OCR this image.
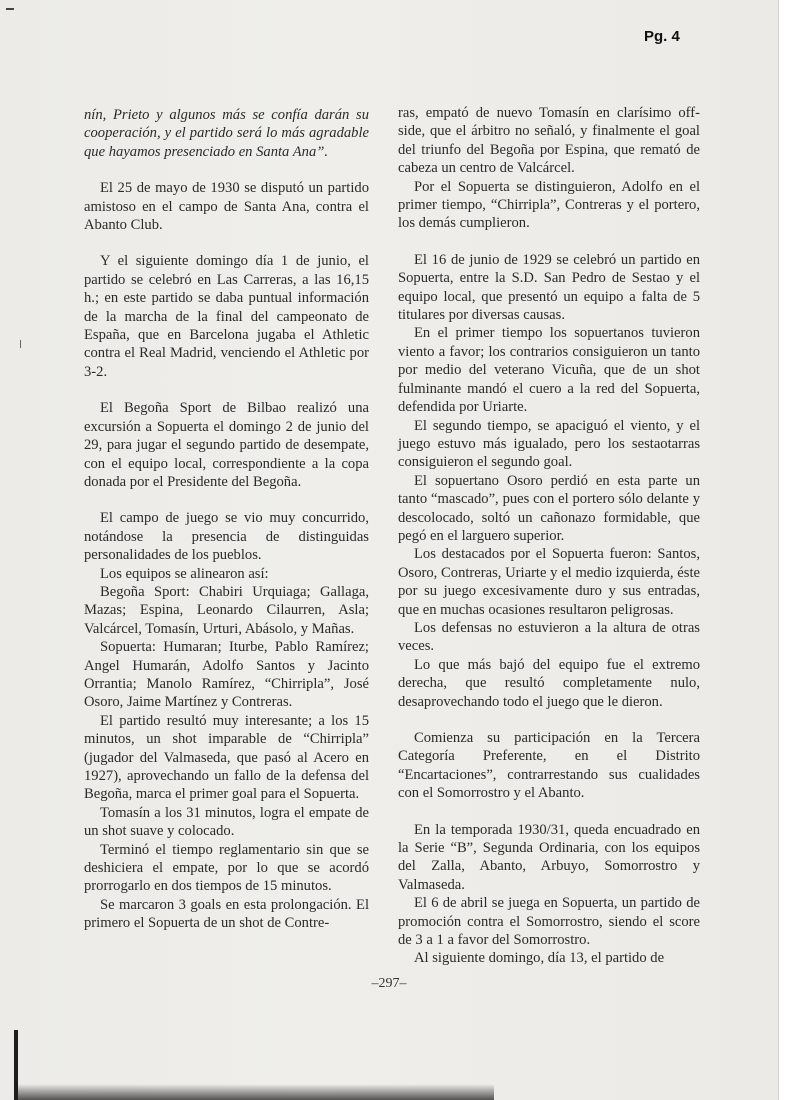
Pg. 4

nín, Prieto y algunos más se confía darán su cooperación, y el partido será lo más agradable que hayamos presenciado en Santa Ana”.

El 25 de mayo de 1930 se disputó un partido amistoso en el campo de Santa Ana, contra el Abanto Club.

Y el siguiente domingo día 1 de junio, el partido se celebró en Las Carreras, a las 16,15 h.; en este partido se daba puntual información de la marcha de la final del campeonato de España, que en Barcelona jugaba el Athletic contra el Real Madrid, venciendo el Athletic por 3-2.

El Begoña Sport de Bilbao realizó una excursión a Sopuerta el domingo 2 de junio del 29, para jugar el segundo partido de desempate, con el equipo local, correspondiente a la copa donada por el Presidente del Begoña.

El campo de juego se vio muy concurrido, notándose la presencia de distinguidas personalidades de los pueblos.

Los equipos se alinearon así:

Begoña Sport: Chabiri Urquiaga; Gallaga, Mazas; Espina, Leonardo Cilaurren, Asla; Valcárcel, Tomasín, Urturi, Abásolo, y Mañas.

Sopuerta: Humaran; Iturbe, Pablo Ramírez; Angel Humarán, Adolfo Santos y Jacinto Orrantia; Manolo Ramírez, “Chirripla”, José Osoro, Jaime Martínez y Contreras.

El partido resultó muy interesante; a los 15 minutos, un shot imparable de “Chirripla” (jugador del Valmaseda, que pasó al Acero en 1927), aprovechando un fallo de la defensa del Begoña, marca el primer goal para el Sopuerta.

Tomasín a los 31 minutos, logra el empate de un shot suave y colocado.

Terminó el tiempo reglamentario sin que se deshiciera el empate, por lo que se acordó prorrogarlo en dos tiempos de 15 minutos.

Se marcaron 3 goals en esta prolongación. El primero el Sopuerta de un shot de Contre-

ras, empató de nuevo Tomasín en clarísimo off-side, que el árbitro no señaló, y finalmente el goal del triunfo del Begoña por Espina, que remató de cabeza un centro de Valcárcel.

Por el Sopuerta se distinguieron, Adolfo en el primer tiempo, “Chirripla”, Contreras y el portero, los demás cumplieron.

El 16 de junio de 1929 se celebró un partido en Sopuerta, entre la S.D. San Pedro de Sestao y el equipo local, que presentó un equipo a falta de 5 titulares por diversas causas.

En el primer tiempo los sopuertanos tuvieron viento a favor; los contrarios consiguieron un tanto por medio del veterano Vicuña, que de un shot fulminante mandó el cuero a la red del Sopuerta, defendida por Uriarte.

El segundo tiempo, se apaciguó el viento, y el juego estuvo más igualado, pero los sestaotarras consiguieron el segundo goal.

El sopuertano Osoro perdió en esta parte un tanto “mascado”, pues con el portero sólo delante y descolocado, soltó un cañonazo formidable, que pegó en el larguero superior.

Los destacados por el Sopuerta fueron: Santos, Osoro, Contreras, Uriarte y el medio izquierda, éste por su juego excesivamente duro y sus entradas, que en muchas ocasiones resultaron peligrosas.

Los defensas no estuvieron a la altura de otras veces.

Lo que más bajó del equipo fue el extremo derecha, que resultó completamente nulo, desaprovechando todo el juego que le dieron.

Comienza su participación en la Tercera Categoría Preferente, en el Distrito “Encartaciones”, contrarrestando sus cualidades con el Somorrostro y el Abanto.

En la temporada 1930/31, queda encuadrado en la Serie “B”, Segunda Ordinaria, con los equipos del Zalla, Abanto, Arbuyo, Somorrostro y Valmaseda.

El 6 de abril se juega en Sopuerta, un partido de promoción contra el Somorrostro, siendo el score de 3 a 1 a favor del Somorrostro.

Al siguiente domingo, día 13, el partido de

–297–
